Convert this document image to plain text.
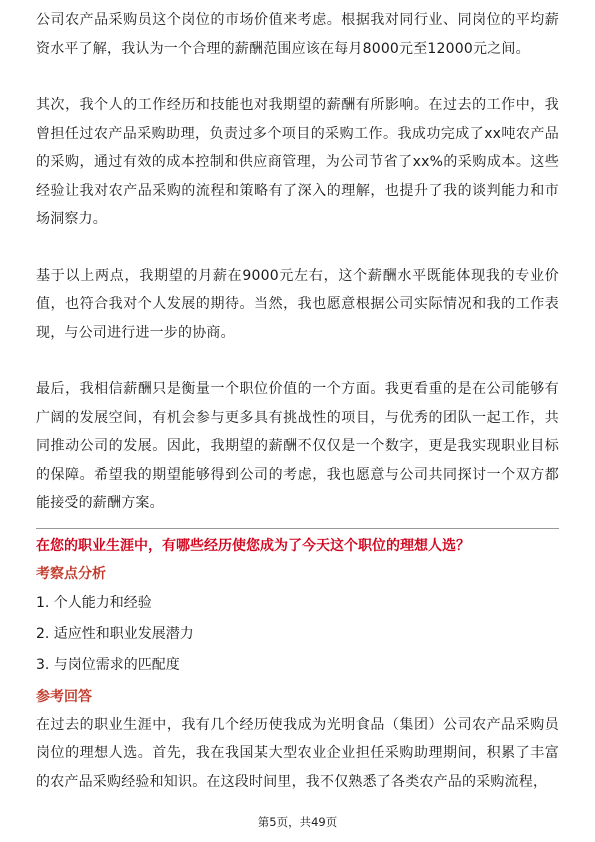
公司农产品采购员这个岗位的市场价值来考虑。根据我对同行业、同岗位的平均薪资水平了解，我认为一个合理的薪酬范围应该在每月8000元至12000元之间。

其次，我个人的工作经历和技能也对我期望的薪酬有所影响。在过去的工作中，我曾担任过农产品采购助理，负责过多个项目的采购工作。我成功完成了xx吨农产品的采购，通过有效的成本控制和供应商管理，为公司节省了xx%的采购成本。这些经验让我对农产品采购的流程和策略有了深入的理解，也提升了我的谈判能力和市场洞察力。

基于以上两点，我期望的月薪在9000元左右，这个薪酬水平既能体现我的专业价值，也符合我对个人发展的期待。当然，我也愿意根据公司实际情况和我的工作表现，与公司进行进一步的协商。

最后，我相信薪酬只是衡量一个职位价值的一个方面。我更看重的是在公司能够有广阔的发展空间，有机会参与更多具有挑战性的项目，与优秀的团队一起工作，共同推动公司的发展。因此，我期望的薪酬不仅仅是一个数字，更是我实现职业目标的保障。希望我的期望能够得到公司的考虑，我也愿意与公司共同探讨一个双方都能接受的薪酬方案。

在您的职业生涯中，有哪些经历使您成为了今天这个职位的理想人选？

考察点分析

1. 个人能力和经验
2. 适应性和职业发展潜力
3. 与岗位需求的匹配度

参考回答

在过去的职业生涯中，我有几个经历使我成为光明食品（集团）公司农产品采购员岗位的理想人选。首先，我在我国某大型农业企业担任采购助理期间，积累了丰富的农产品采购经验和知识。在这段时间里，我不仅熟悉了各类农产品的采购流程，

第5页，共49页
